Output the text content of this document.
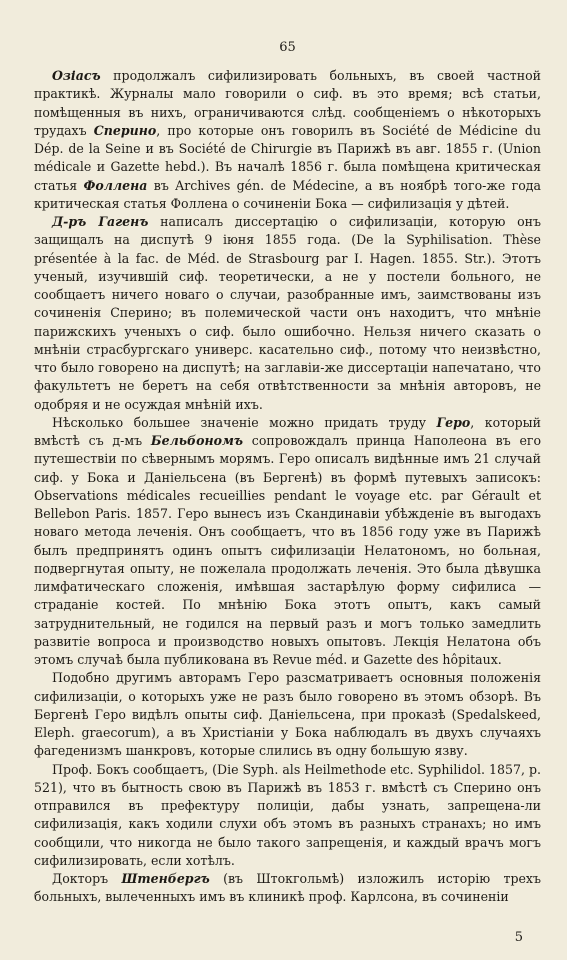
65

Озіасъ продолжалъ сифилизировать больныхъ, въ своей частной практикѣ. Журналы мало говорили о сиф. въ это время; всѣ статьи, помѣщенныя въ нихъ, ограничиваются слѣд. сообщеніемъ о нѣкоторыхъ трудахъ Сперино, про которые онъ говорилъ въ Société de Médicine du Dép. de la Seine и въ Société de Chirurgie въ Парижѣ въ авг. 1855 г. (Union médicale и Gazette hebd.). Въ началѣ 1856 г. была помѣщена критическая статья Фоллена въ Archives gén. de Médecine, а въ ноябрѣ того-же года критическая статья Фоллена о сочиненіи Бока — сифилизація у дѣтей.

Д-ръ Гагенъ написалъ диссертацію о сифилизаціи, которую онъ защищалъ на диспутѣ 9 іюня 1855 года. (De la Syphilisation. Thèse présentée à la fac. de Méd. de Strasbourg par I. Hagen. 1855. Str.). Этотъ ученый, изучившій сиф. теоретически, а не у постели больного, не сообщаетъ ничего новаго о случаи, разобранные имъ, заимствованы изъ сочиненія Сперино; въ полемической части онъ находитъ, что мнѣніе парижскихъ ученыхъ о сиф. было ошибочно. Нельзя ничего сказать о мнѣніи страсбургскаго универс. касательно сиф., потому что неизвѣстно, что было говорено на диспутѣ; на заглавіи-же диссертаціи напечатано, что факультетъ не беретъ на себя отвѣтственности за мнѣнія авторовъ, не одобряя и не осуждая мнѣній ихъ.

Нѣсколько большее значеніе можно придать труду Геро, который вмѣстѣ съ д-мъ Бельбономъ сопровождалъ принца Наполеона въ его путешествіи по сѣвернымъ морямъ. Геро описалъ видѣнные имъ 21 случай сиф. у Бока и Даніельсена (въ Бергенѣ) въ формѣ путевыхъ записокъ: Observations médicales recueillies pendant le voyage etc. par Gérault et Bellebon Paris. 1857. Геро вынесъ изъ Скандинавіи убѣжденіе въ выгодахъ новаго метода леченія. Онъ сообщаетъ, что въ 1856 году уже въ Парижѣ былъ предпринятъ одинъ опытъ сифилизаціи Нелатономъ, но больная, подвергнутая опыту, не пожелала продолжать леченія. Это была дѣвушка лимфатическаго сложенія, имѣвшая застарѣлую форму сифилиса — страданіе костей. По мнѣнію Бока этотъ опытъ, какъ самый затруднительный, не годился на первый разъ и могъ только замедлить развитіе вопроса и производство новыхъ опытовъ. Лекція Нелатона объ этомъ случаѣ была публикована въ Revue méd. и Gazette des hôpitaux.

Подобно другимъ авторамъ Геро разсматриваетъ основныя положенія сифилизаціи, о которыхъ уже не разъ было говорено въ этомъ обзорѣ. Въ Бергенѣ Геро видѣлъ опыты сиф. Даніельсена, при проказѣ (Spedalskeed, Eleph. graecorum), а въ Христіаніи у Бока наблюдалъ въ двухъ случаяхъ фагеденизмъ шанкровъ, которые слились въ одну большую язву.

Проф. Бокъ сообщаетъ, (Die Syph. als Heilmethode etc. Syphilidol. 1857, p. 521), что въ бытность свою въ Парижѣ въ 1853 г. вмѣстѣ съ Сперино онъ отправился въ префектуру полиціи, дабы узнать, запрещена-ли сифилизація, какъ ходили слухи объ этомъ въ разныхъ странахъ; но имъ сообщили, что никогда не было такого запрещенія, и каждый врачъ могъ сифилизировать, если хотѣлъ.

Докторъ Штенбергъ (въ Штокгольмѣ) изложилъ исторію трехъ больныхъ, вылеченныхъ имъ въ клиникѣ проф. Карлсона, въ сочиненіи

5
